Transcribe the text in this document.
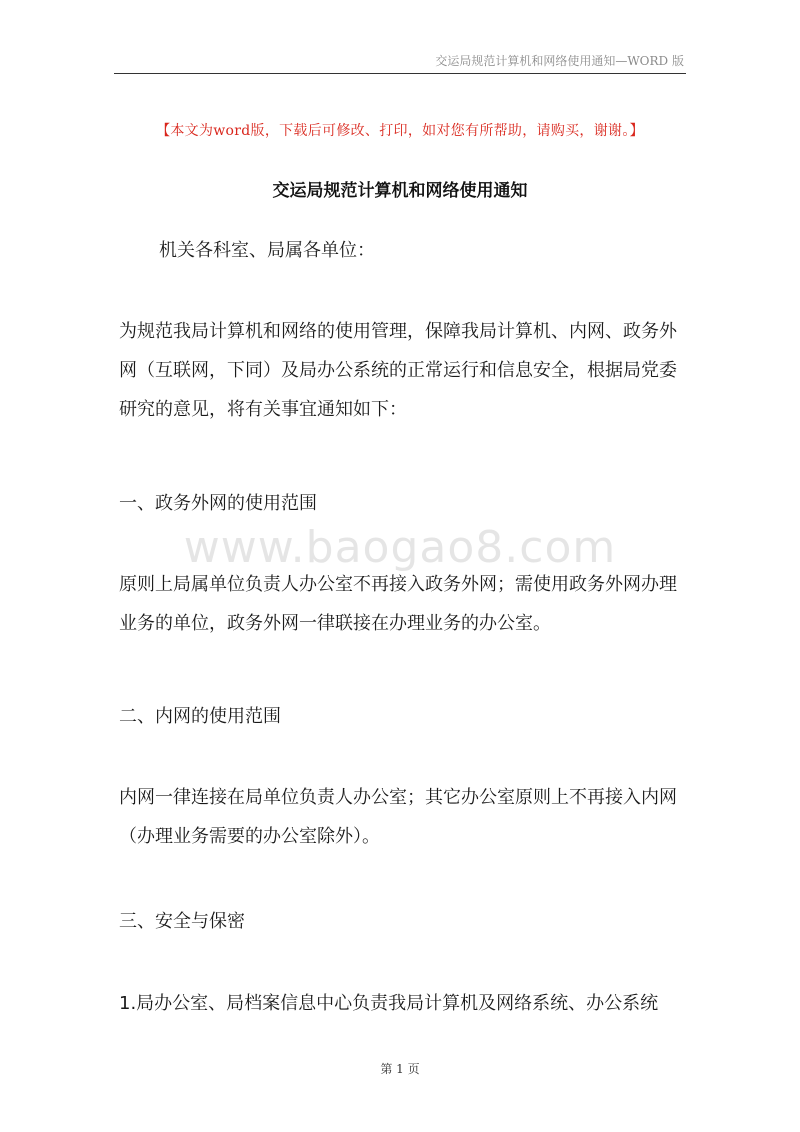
交运局规范计算机和网络使用通知—WORD 版
【本文为word版，下载后可修改、打印，如对您有所帮助，请购买，谢谢。】
交运局规范计算机和网络使用通知

机关各科室、局属各单位：

为规范我局计算机和网络的使用管理，保障我局计算机、内网、政务外网（互联网，下同）及局办公系统的正常运行和信息安全，根据局党委研究的意见，将有关事宜通知如下：

一、政务外网的使用范围

www.baogao8.com

原则上局属单位负责人办公室不再接入政务外网；需使用政务外网办理业务的单位，政务外网一律联接在办理业务的办公室。

二、内网的使用范围

内网一律连接在局单位负责人办公室；其它办公室原则上不再接入内网（办理业务需要的办公室除外）。

三、安全与保密

1.局办公室、局档案信息中心负责我局计算机及网络系统、办公系统

第 1 页
